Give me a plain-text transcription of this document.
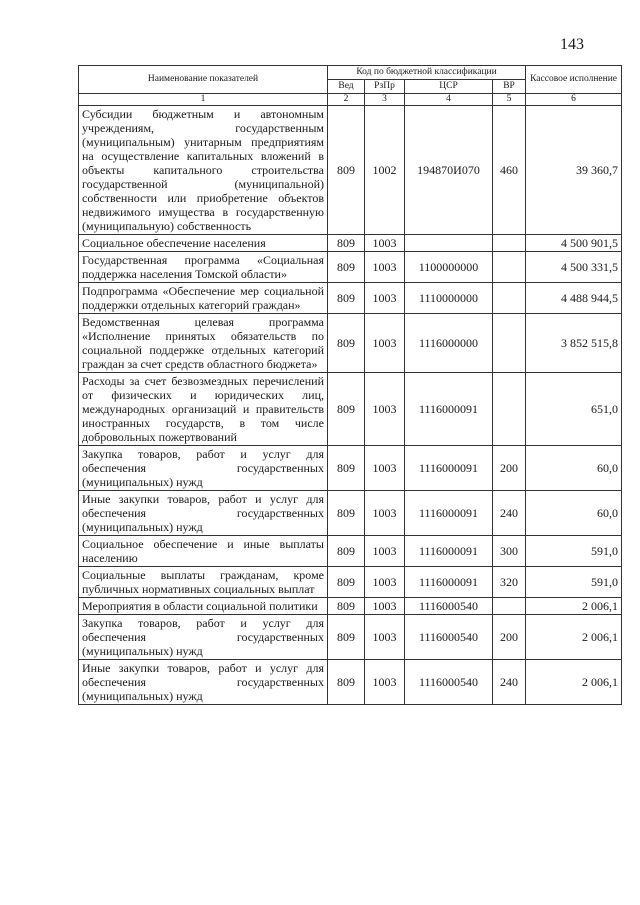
143
Наименование показателей	Код по бюджетной классификации				Кассовое исполнение
	Вед	РзПр	ЦСР	ВР	
1	2	3	4	5	6
Субсидии бюджетным и автономным учреждениям, государственным (муниципальным) унитарным предприятиям на осуществление капитальных вложений в объекты капитального строительства государственной (муниципальной) собственности или приобретение объектов недвижимого имущества в государственную (муниципальную) собственность	809	1002	194870И070	460	39 360,7
Социальное обеспечение населения	809	1003			4 500 901,5
Государственная программа «Социальная поддержка населения Томской области»	809	1003	1100000000		4 500 331,5
Подпрограмма «Обеспечение мер социальной поддержки отдельных категорий граждан»	809	1003	1110000000		4 488 944,5
Ведомственная целевая программа «Исполнение принятых обязательств по социальной поддержке отдельных категорий граждан за счет средств областного бюджета»	809	1003	1116000000		3 852 515,8
Расходы за счет безвозмездных перечислений от физических и юридических лиц, международных организаций и правительств иностранных государств, в том числе добровольных пожертвований	809	1003	1116000091		651,0
Закупка товаров, работ и услуг для обеспечения государственных (муниципальных) нужд	809	1003	1116000091	200	60,0
Иные закупки товаров, работ и услуг для обеспечения государственных (муниципальных) нужд	809	1003	1116000091	240	60,0
Социальное обеспечение и иные выплаты населению	809	1003	1116000091	300	591,0
Социальные выплаты гражданам, кроме публичных нормативных социальных выплат	809	1003	1116000091	320	591,0
Мероприятия в области социальной политики	809	1003	1116000540		2 006,1
Закупка товаров, работ и услуг для обеспечения государственных (муниципальных) нужд	809	1003	1116000540	200	2 006,1
Иные закупки товаров, работ и услуг для обеспечения государственных (муниципальных) нужд	809	1003	1116000540	240	2 006,1
